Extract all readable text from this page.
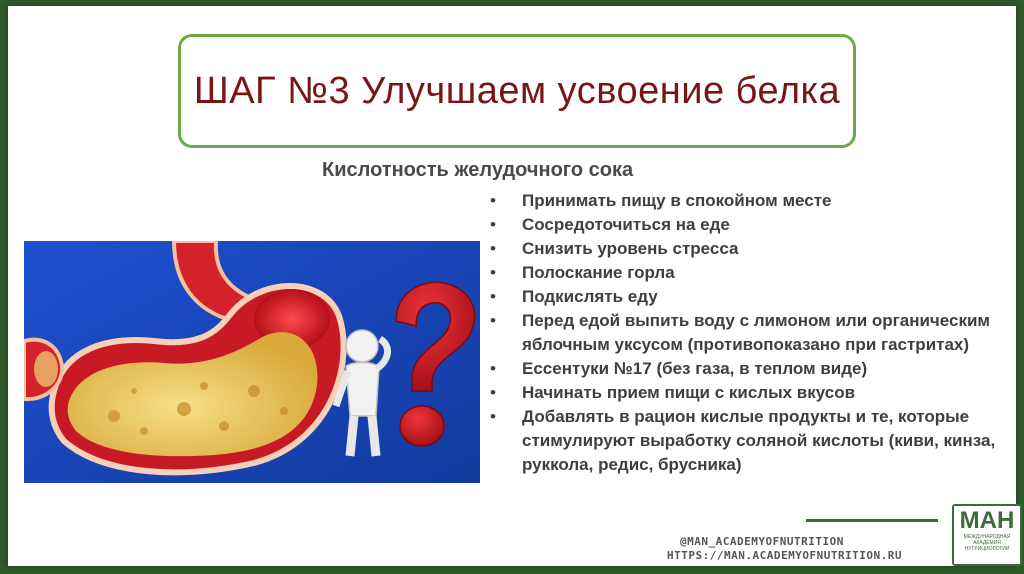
ШАГ №3 Улучшаем усвоение белка
Кислотность желудочного сока
• Принимать пищу в спокойном месте
• Сосредоточиться на еде
• Снизить уровень стресса
• Полоскание горла
• Подкислять еду
• Перед едой выпить воду с лимоном или органическим яблочным уксусом (противопоказано при гастритах)
• Ессентуки №17 (без газа, в теплом виде)
• Начинать прием пищи с кислых вкусов
• Добавлять в рацион кислые продукты и те, которые стимулируют выработку соляной кислоты (киви, кинза, руккола, редис, брусника)
@MAN_ACADEMYOFNUTRITION
HTTPS://MAN.ACADEMYOFNUTRITION.RU
МАН
МЕЖДУНАРОДНАЯ АКАДЕМИЯ НУТРИЦИОЛОГИИ
